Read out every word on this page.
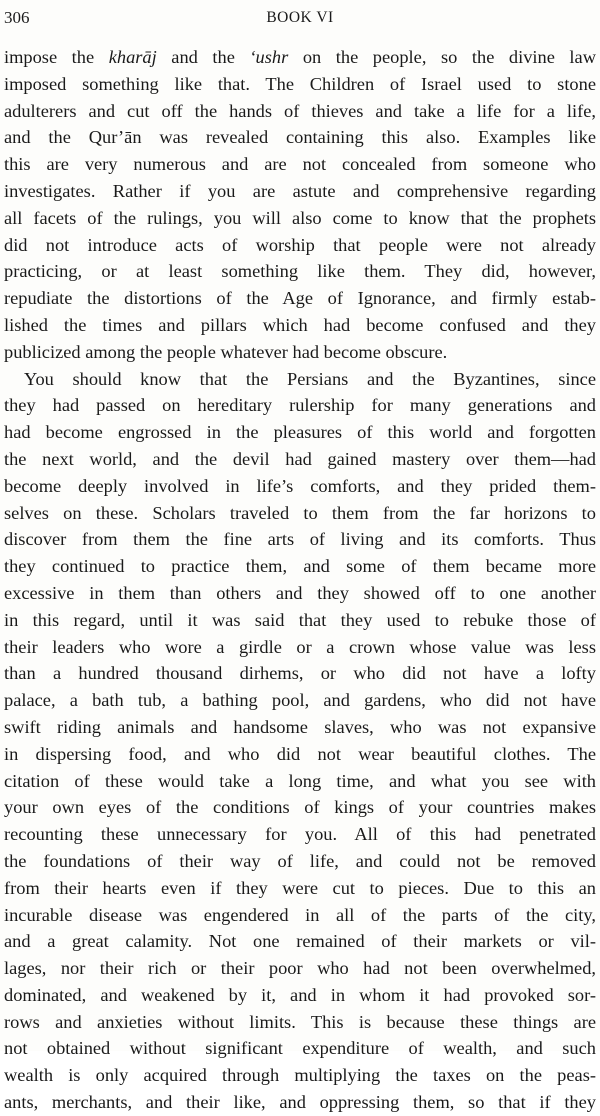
306	BOOK VI
impose the kharāj and the ‘ushr on the people, so the divine law
imposed something like that. The Children of Israel used to stone
adulterers and cut off the hands of thieves and take a life for a life,
and the Qur’ān was revealed containing this also. Examples like
this are very numerous and are not concealed from someone who
investigates. Rather if you are astute and comprehensive regarding
all facets of the rulings, you will also come to know that the prophets
did not introduce acts of worship that people were not already
practicing, or at least something like them. They did, however,
repudiate the distortions of the Age of Ignorance, and firmly estab-
lished the times and pillars which had become confused and they
publicized among the people whatever had become obscure.
You should know that the Persians and the Byzantines, since
they had passed on hereditary rulership for many generations and
had become engrossed in the pleasures of this world and forgotten
the next world, and the devil had gained mastery over them—had
become deeply involved in life’s comforts, and they prided them-
selves on these. Scholars traveled to them from the far horizons to
discover from them the fine arts of living and its comforts. Thus
they continued to practice them, and some of them became more
excessive in them than others and they showed off to one another
in this regard, until it was said that they used to rebuke those of
their leaders who wore a girdle or a crown whose value was less
than a hundred thousand dirhems, or who did not have a lofty
palace, a bath tub, a bathing pool, and gardens, who did not have
swift riding animals and handsome slaves, who was not expansive
in dispersing food, and who did not wear beautiful clothes. The
citation of these would take a long time, and what you see with
your own eyes of the conditions of kings of your countries makes
recounting these unnecessary for you. All of this had penetrated
the foundations of their way of life, and could not be removed
from their hearts even if they were cut to pieces. Due to this an
incurable disease was engendered in all of the parts of the city,
and a great calamity. Not one remained of their markets or vil-
lages, nor their rich or their poor who had not been overwhelmed,
dominated, and weakened by it, and in whom it had provoked sor-
rows and anxieties without limits. This is because these things are
not obtained without significant expenditure of wealth, and such
wealth is only acquired through multiplying the taxes on the peas-
ants, merchants, and their like, and oppressing them, so that if they
